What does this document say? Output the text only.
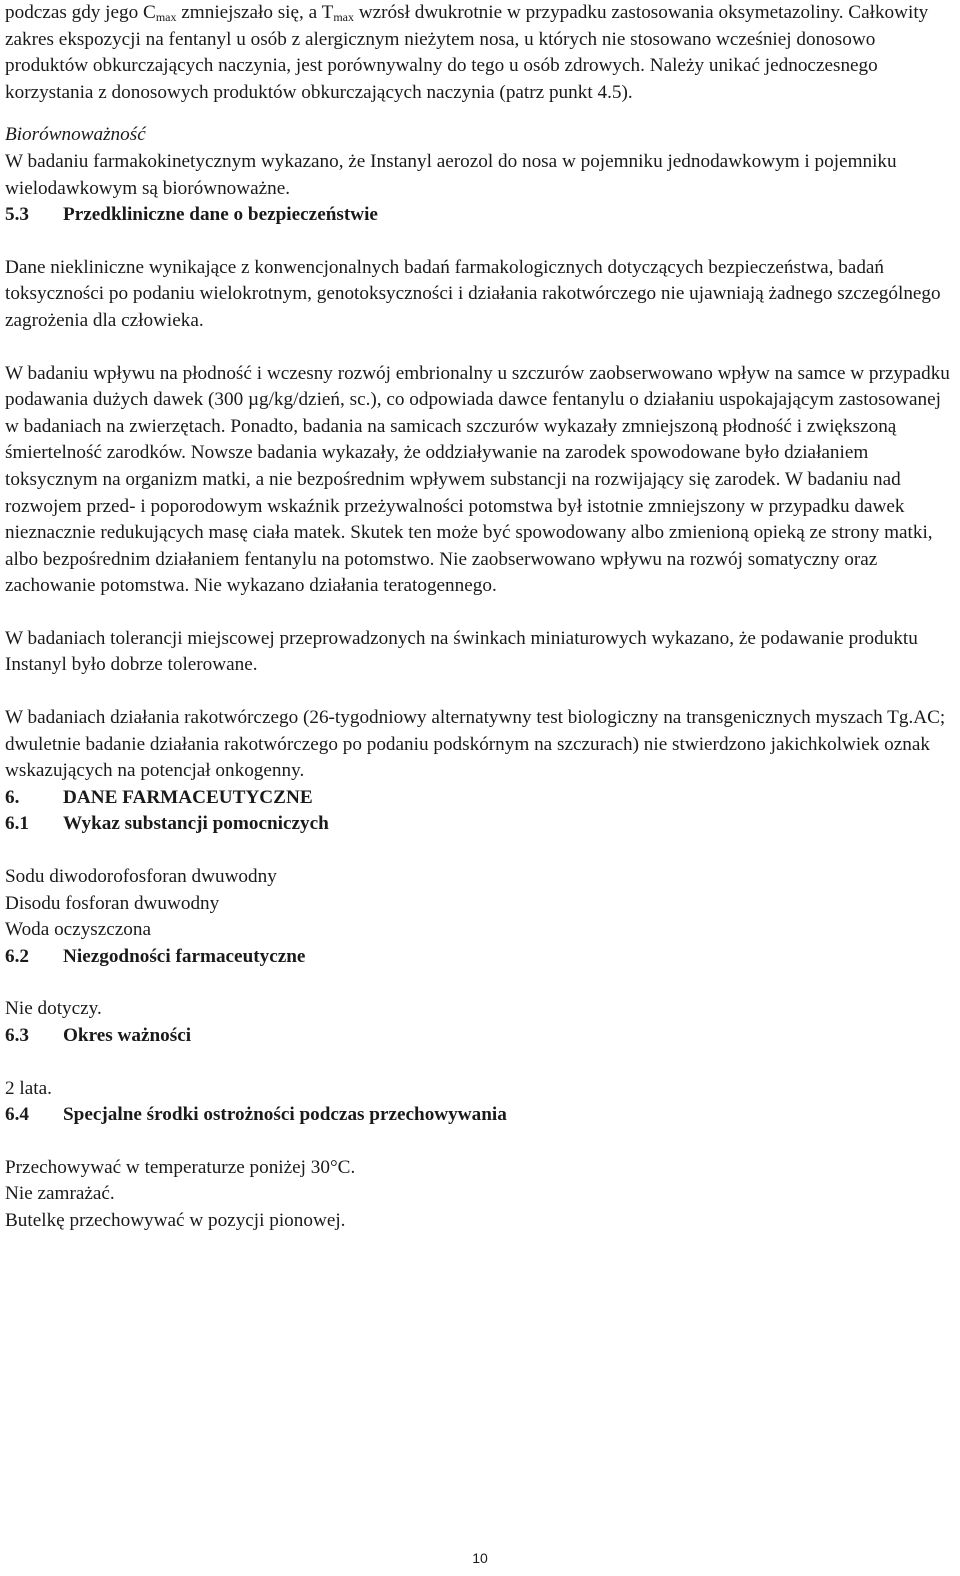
podczas gdy jego $C_{max}$ zmniejszało się, a $T_{max}$ wzrósł dwukrotnie w przypadku zastosowania oksymetazoliny. Całkowity zakres ekspozycji na fentanyl u osób z alergicznym nieżytem nosa, u których nie stosowano wcześniej donosowo produktów obkurczających naczynia, jest porównywalny do tego u osób zdrowych. Należy unikać jednoczesnego korzystania z donosowych produktów obkurczających naczynia (patrz punkt 4.5).

Biorównoważność

W badaniu farmakokinetycznym wykazano, że Instanyl aerozol do nosa w pojemniku jednodawkowym i pojemniku wielodawkowym są biorównoważne.

5.3	Przedkliniczne dane o bezpieczeństwie

Dane niekliniczne wynikające z konwencjonalnych badań farmakologicznych dotyczących bezpieczeństwa, badań toksyczności po podaniu wielokrotnym, genotoksyczności i działania rakotwórczego nie ujawniają żadnego szczególnego zagrożenia dla człowieka.

W badaniu wpływu na płodność i wczesny rozwój embrionalny u szczurów zaobserwowano wpływ na samce w przypadku podawania dużych dawek (300 µg/kg/dzień, sc.), co odpowiada dawce fentanylu o działaniu uspokajającym zastosowanej w badaniach na zwierzętach. Ponadto, badania na samicach szczurów wykazały zmniejszoną płodność i zwiększoną śmiertelność zarodków. Nowsze badania wykazały, że oddziaływanie na zarodek spowodowane było działaniem toksycznym na organizm matki, a nie bezpośrednim wpływem substancji na rozwijający się zarodek. W badaniu nad rozwojem przed- i poporodowym wskaźnik przeżywalności potomstwa był istotnie zmniejszony w przypadku dawek nieznacznie redukujących masę ciała matek. Skutek ten może być spowodowany albo zmienioną opieką ze strony matki, albo bezpośrednim działaniem fentanylu na potomstwo. Nie zaobserwowano wpływu na rozwój somatyczny oraz zachowanie potomstwa. Nie wykazano działania teratogennego.

W badaniach tolerancji miejscowej przeprowadzonych na świnkach miniaturowych wykazano, że podawanie produktu Instanyl było dobrze tolerowane.

W badaniach działania rakotwórczego (26-tygodniowy alternatywny test biologiczny na transgenicznych myszach Tg.AC; dwuletnie badanie działania rakotwórczego po podaniu podskórnym na szczurach) nie stwierdzono jakichkolwiek oznak wskazujących na potencjał onkogenny.

6.	DANE FARMACEUTYCZNE
6.1	Wykaz substancji pomocniczych

Sodu diwodorofosforan dwuwodny

Disodu fosforan dwuwodny

Woda oczyszczona

6.2	Niezgodności farmaceutyczne

Nie dotyczy.

6.3	Okres ważności

2 lata.

6.4	Specjalne środki ostrożności podczas przechowywania

Przechowywać w temperaturze poniżej 30°C.

Nie zamrażać.

Butelkę przechowywać w pozycji pionowej.

10
